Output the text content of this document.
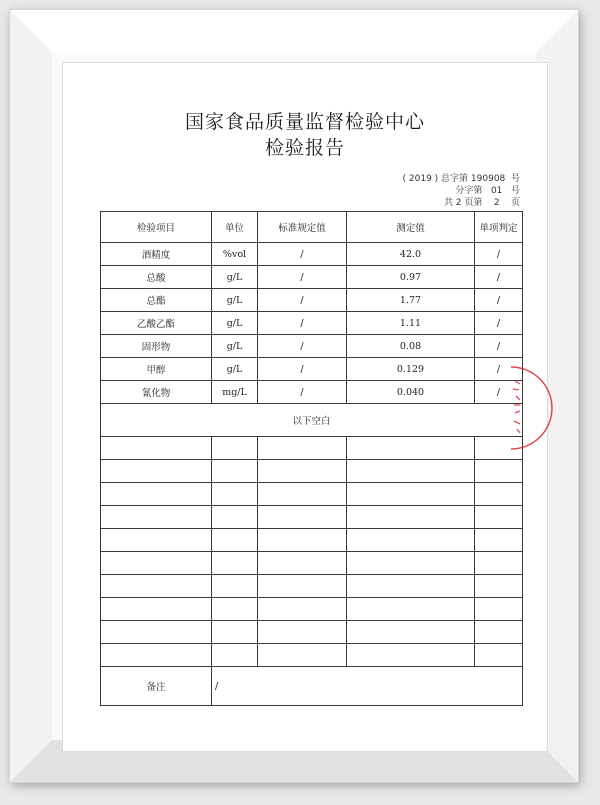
国家食品质量监督检验中心
检验报告
( 2019 ) 总字第 190908  号
分字第   01   号
共 2 页第    2    页
检验项目	单位	标准规定值	测定值	单项判定
酒精度	%vol	/	42.0	/
总酸	g/L	/	0.97	/
总酯	g/L	/	1.77	/
乙酸乙酯	g/L	/	1.11	/
固形物	g/L	/	0.08	/
甲醇	g/L	/	0.129	/
氰化物	mg/L	/	0.040	/
以下空白				

备注	/			
